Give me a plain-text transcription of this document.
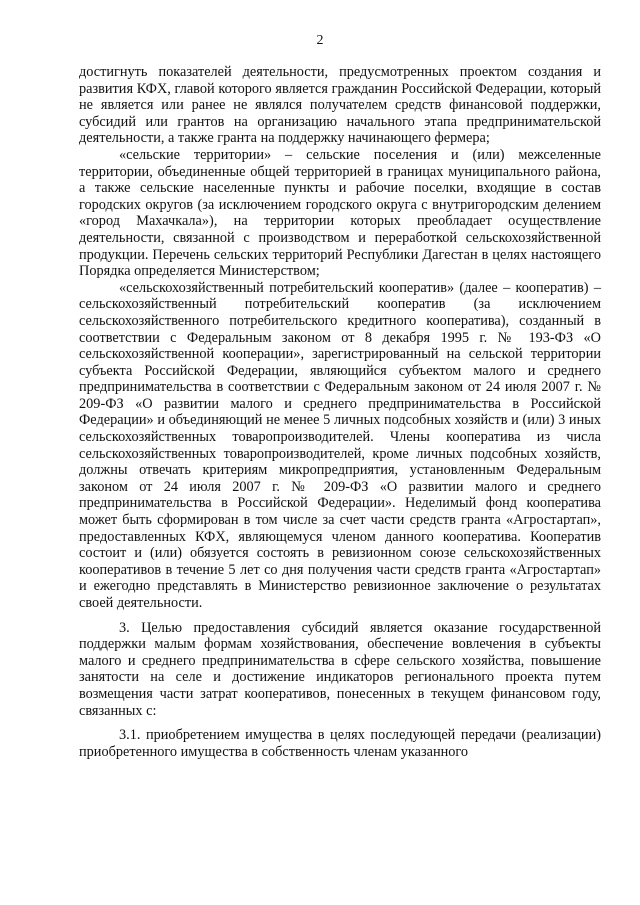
2

достигнуть показателей деятельности, предусмотренных проектом создания и развития КФХ, главой которого является гражданин Российской Федерации, который не является или ранее не являлся получателем средств финансовой поддержки, субсидий или грантов на организацию начального этапа предпринимательской деятельности, а также гранта на поддержку начинающего фермера;

«сельские территории» – сельские поселения и (или) межселенные территории, объединенные общей территорией в границах муниципального района, а также сельские населенные пункты и рабочие поселки, входящие в состав городских округов (за исключением городского округа с внутригородским делением «город Махачкала»), на территории которых преобладает осуществление деятельности, связанной с производством и переработкой сельскохозяйственной продукции. Перечень сельских территорий Республики Дагестан в целях настоящего Порядка определяется Министерством;

«сельскохозяйственный потребительский кооператив» (далее – кооператив) – сельскохозяйственный потребительский кооператив (за исключением сельскохозяйственного потребительского кредитного кооператива), созданный в соответствии с Федеральным законом от 8 декабря 1995 г. № 193-ФЗ «О сельскохозяйственной кооперации», зарегистрированный на сельской территории субъекта Российской Федерации, являющийся субъектом малого и среднего предпринимательства в соответствии с Федеральным законом от 24 июля 2007 г. № 209-ФЗ «О развитии малого и среднего предпринимательства в Российской Федерации» и объединяющий не менее 5 личных подсобных хозяйств и (или) 3 иных сельскохозяйственных товаропроизводителей. Члены кооператива из числа сельскохозяйственных товаропроизводителей, кроме личных подсобных хозяйств, должны отвечать критериям микропредприятия, установленным Федеральным законом от 24 июля 2007 г. № 209-ФЗ «О развитии малого и среднего предпринимательства в Российской Федерации». Неделимый фонд кооператива может быть сформирован в том числе за счет части средств гранта «Агростартап», предоставленных КФХ, являющемуся членом данного кооператива. Кооператив состоит и (или) обязуется состоять в ревизионном союзе сельскохозяйственных кооперативов в течение 5 лет со дня получения части средств гранта «Агростартап» и ежегодно представлять в Министерство ревизионное заключение о результатах своей деятельности.

3. Целью предоставления субсидий является оказание государственной поддержки малым формам хозяйствования, обеспечение вовлечения в субъекты малого и среднего предпринимательства в сфере сельского хозяйства, повышение занятости на селе и достижение индикаторов регионального проекта путем возмещения части затрат кооперативов, понесенных в текущем финансовом году, связанных с:

3.1. приобретением имущества в целях последующей передачи (реализации) приобретенного имущества в собственность членам указанного
